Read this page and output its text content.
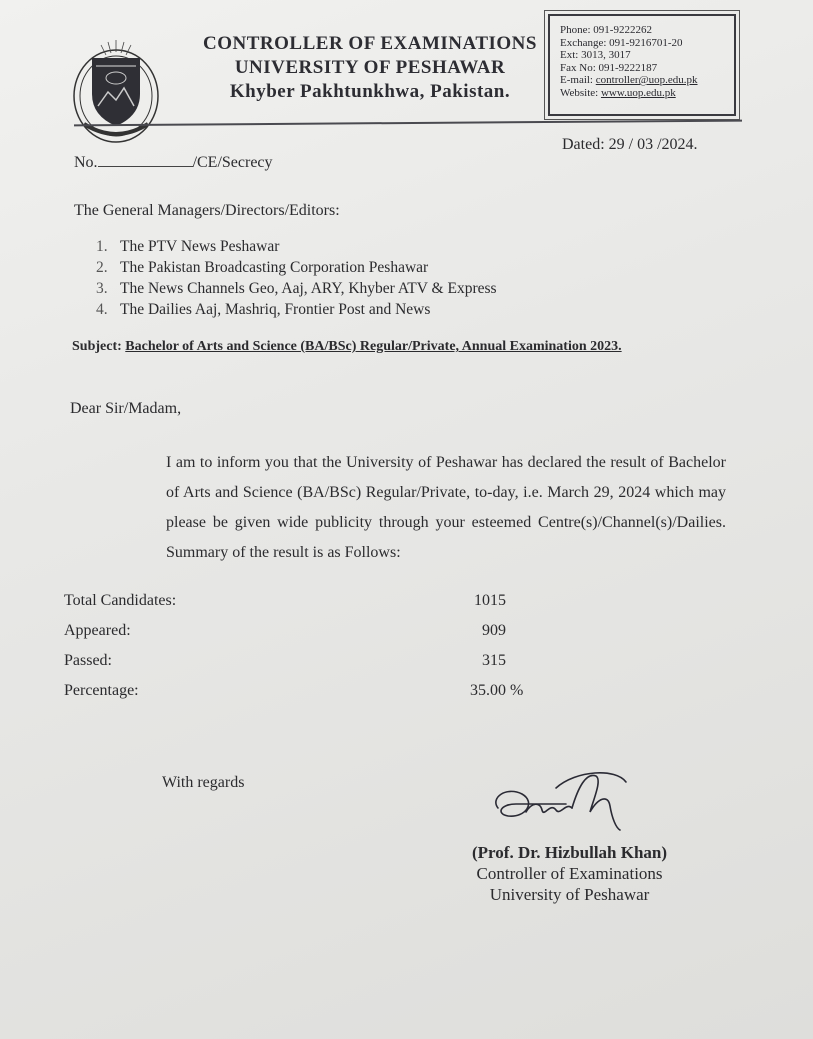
CONTROLLER OF EXAMINATIONS
UNIVERSITY OF PESHAWAR
Khyber Pakhtunkhwa, Pakistan.
Phone: 091-9222262
Exchange: 091-9216701-20
Ext: 3013, 3017
Fax No: 091-9222187
E-mail: controller@uop.edu.pk
Website: www.uop.edu.pk
Dated: 29 / 03 /2024.
No.	/CE/Secrecy
The General Managers/Directors/Editors:
1. The PTV News Peshawar
2. The Pakistan Broadcasting Corporation Peshawar
3. The News Channels Geo, Aaj, ARY, Khyber ATV & Express
4. The Dailies Aaj, Mashriq, Frontier Post and News
Subject: Bachelor of Arts and Science (BA/BSc) Regular/Private, Annual Examination 2023.
Dear Sir/Madam,
I am to inform you that the University of Peshawar has declared the result of Bachelor of Arts and Science (BA/BSc) Regular/Private, to-day, i.e. March 29, 2024 which may please be given wide publicity through your esteemed Centre(s)/Channel(s)/Dailies. Summary of the result is as Follows:
Total Candidates:	1015
Appeared:	909
Passed:	315
Percentage:	35.00 %
With regards
(Prof. Dr. Hizbullah Khan)
Controller of Examinations
University of Peshawar
